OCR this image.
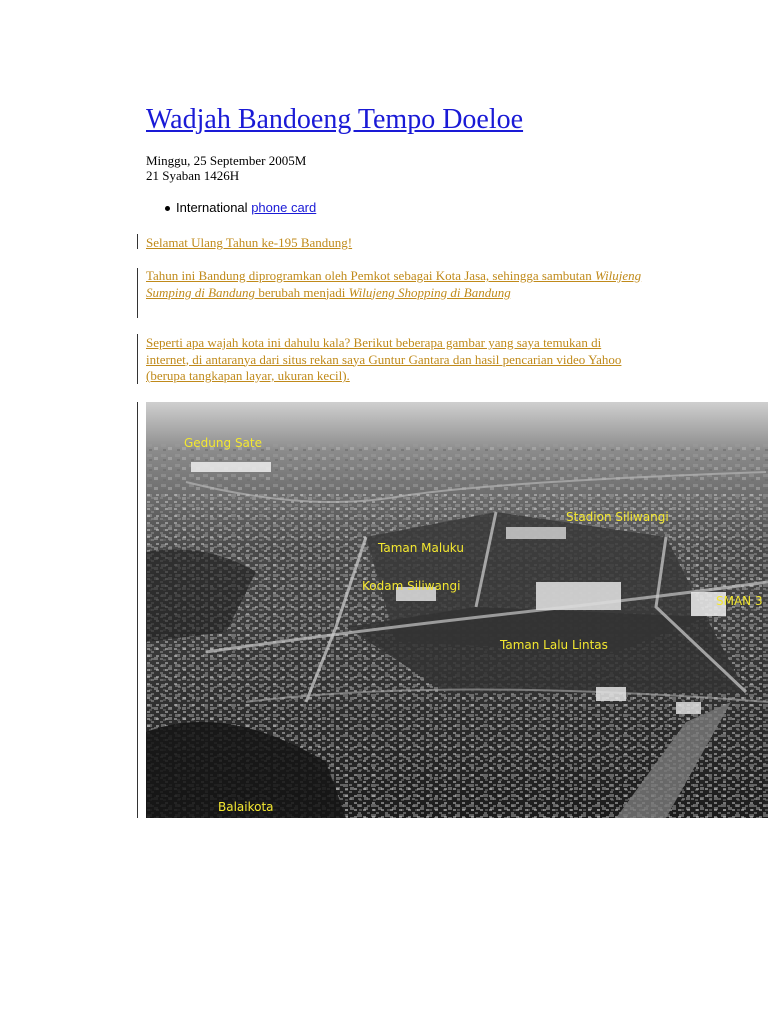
Wadjah Bandoeng Tempo Doeloe
Minggu, 25 September 2005M
21 Syaban 1426H
International phone card
Selamat Ulang Tahun ke-195 Bandung!
Tahun ini Bandung diprogramkan oleh Pemkot sebagai Kota Jasa, sehingga sambutan Wilujeng Sumping di Bandung berubah menjadi Wilujeng Shopping di Bandung
Seperti apa wajah kota ini dahulu kala? Berikut beberapa gambar yang saya temukan di internet, di antaranya dari situs rekan saya Guntur Gantara dan hasil pencarian video Yahoo (berupa tangkapan layar, ukuran kecil).
Gedung Sate
Stadion Siliwangi
Taman Maluku
Kodam Siliwangi
SMAN 3
Taman Lalu Lintas
Balaikota
